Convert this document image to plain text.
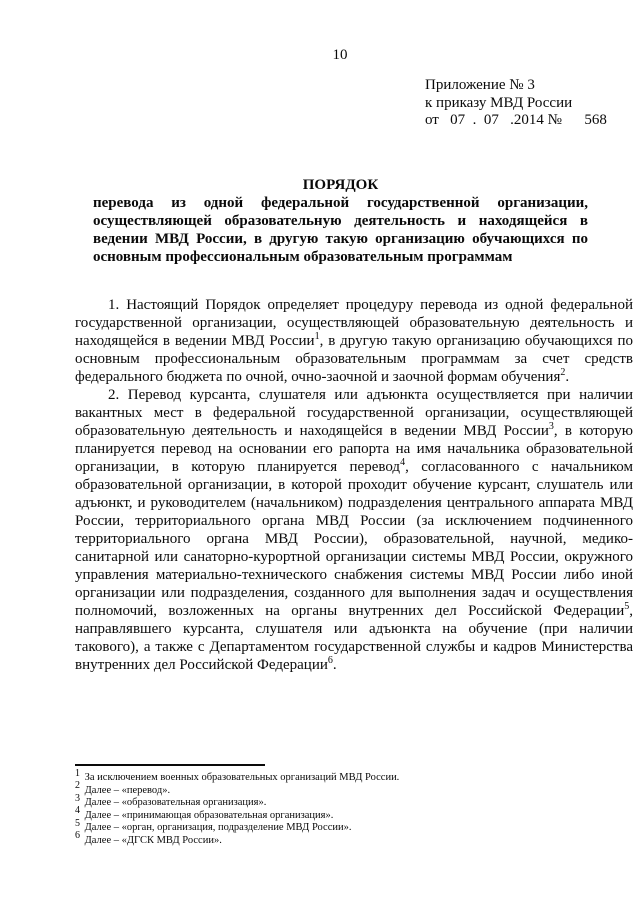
10
Приложение № 3
к приказу МВД России
от   07  .  07   .2014 №      568
ПОРЯДОК
перевода из одной федеральной государственной организации, осуществляющей образовательную деятельность и находящейся в ведении МВД России, в другую такую организацию обучающихся по основным профессиональным образовательным программам

1. Настоящий Порядок определяет процедуру перевода из одной федеральной государственной организации, осуществляющей образовательную деятельность и находящейся в ведении МВД России$^1$, в другую такую организацию обучающихся по основным профессиональным образовательным программам за счет средств федерального бюджета по очной, очно-заочной и заочной формам обучения$^2$.

2. Перевод курсанта, слушателя или адъюнкта осуществляется при наличии вакантных мест в федеральной государственной организации, осуществляющей образовательную деятельность и находящейся в ведении МВД России$^3$, в которую планируется перевод на основании его рапорта на имя начальника образовательной организации, в которую планируется перевод$^4$, согласованного с начальником образовательной организации, в которой проходит обучение курсант, слушатель или адъюнкт, и руководителем (начальником) подразделения центрального аппарата МВД России, территориального органа МВД России (за исключением подчиненного территориального органа МВД России), образовательной, научной, медико-санитарной или санаторно-курортной организации системы МВД России, окружного управления материально-технического снабжения системы МВД России либо иной организации или подразделения, созданного для выполнения задач и осуществления полномочий, возложенных на органы внутренних дел Российской Федерации$^5$, направлявшего курсанта, слушателя или адъюнкта на обучение (при наличии такового), а также с Департаментом государственной службы и кадров Министерства внутренних дел Российской Федерации$^6$.

$^1$ За исключением военных образовательных организаций МВД России.

$^2$ Далее – «перевод».

$^3$ Далее – «образовательная организация».

$^4$ Далее – «принимающая образовательная организация».

$^5$ Далее – «орган, организация, подразделение МВД России».

$^6$ Далее – «ДГСК МВД России».
